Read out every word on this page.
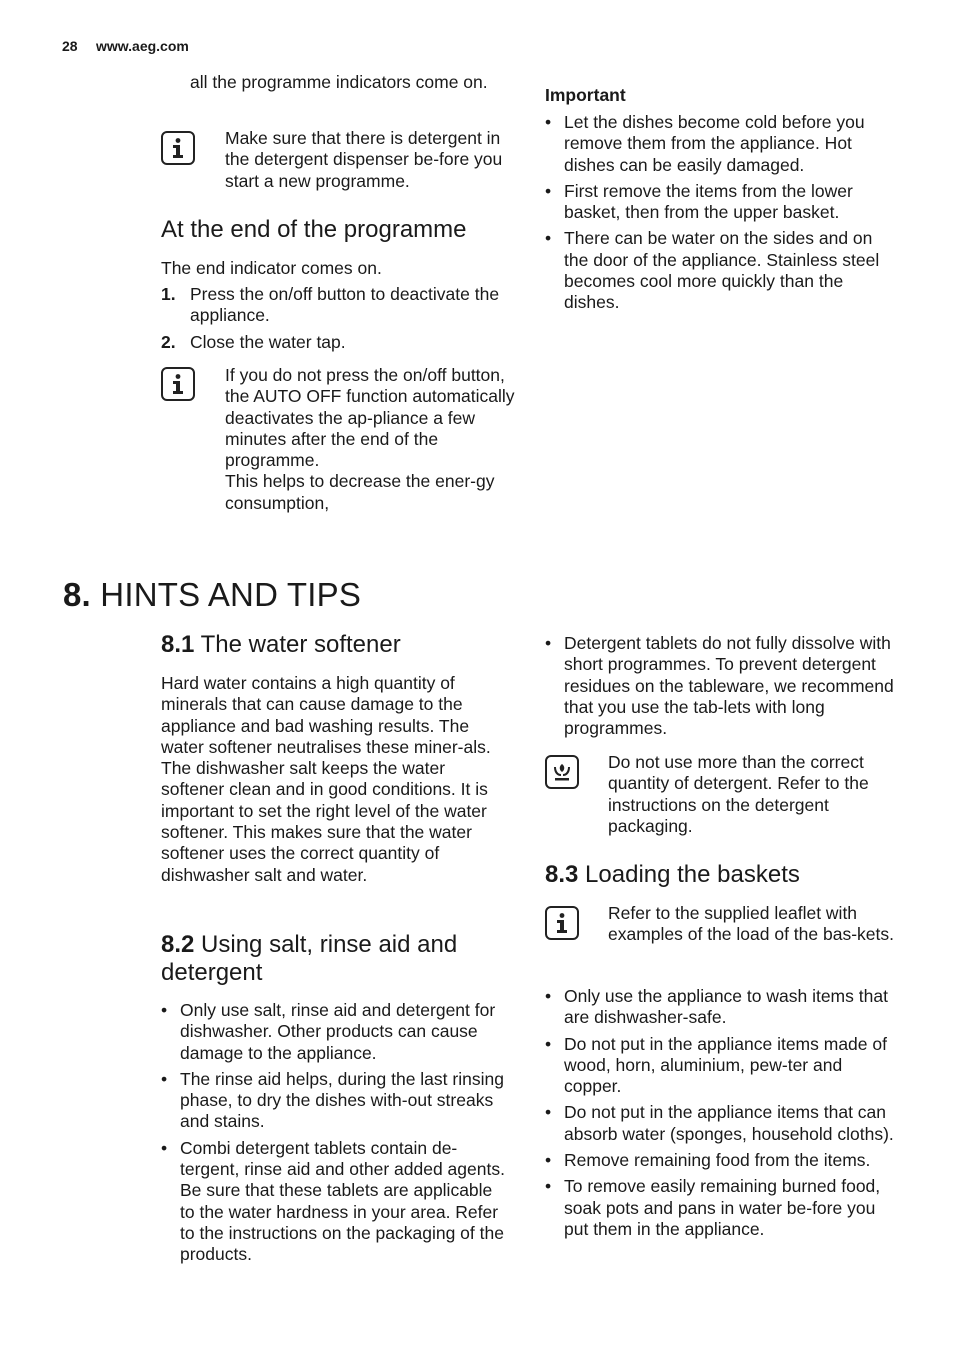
28 www.aeg.com
all the programme indicators come on.
Make sure that there is detergent in the detergent dispenser be-fore you start a new programme.
At the end of the programme
The end indicator comes on.
1. Press the on/off button to deactivate the appliance.
2. Close the water tap.

If you do not press the on/off button, the AUTO OFF function automatically deactivates the ap-pliance a few minutes after the end of the programme.

This helps to decrease the ener-gy consumption,

Important
• Let the dishes become cold before you remove them from the appliance. Hot dishes can be easily damaged.
• First remove the items from the lower basket, then from the upper basket.
• There can be water on the sides and on the door of the appliance. Stainless steel becomes cool more quickly than the dishes.
8. HINTS AND TIPS
8.1 The water softener

Hard water contains a high quantity of minerals that can cause damage to the appliance and bad washing results. The water softener neutralises these miner-als.

The dishwasher salt keeps the water softener clean and in good conditions. It is important to set the right level of the water softener. This makes sure that the water softener uses the correct quantity of dishwasher salt and water.

8.2 Using salt, rinse aid and detergent
• Only use salt, rinse aid and detergent for dishwasher. Other products can cause damage to the appliance.
• The rinse aid helps, during the last rinsing phase, to dry the dishes with-out streaks and stains.
• Combi detergent tablets contain de-tergent, rinse aid and other added agents. Be sure that these tablets are applicable to the water hardness in your area. Refer to the instructions on the packaging of the products.
• Detergent tablets do not fully dissolve with short programmes. To prevent detergent residues on the tableware, we recommend that you use the tab-lets with long programmes.
Do not use more than the correct quantity of detergent. Refer to the instructions on the detergent packaging.
8.3 Loading the baskets
Refer to the supplied leaflet with examples of the load of the bas-kets.
• Only use the appliance to wash items that are dishwasher-safe.
• Do not put in the appliance items made of wood, horn, aluminium, pew-ter and copper.
• Do not put in the appliance items that can absorb water (sponges, household cloths).
• Remove remaining food from the items.
• To remove easily remaining burned food, soak pots and pans in water be-fore you put them in the appliance.
